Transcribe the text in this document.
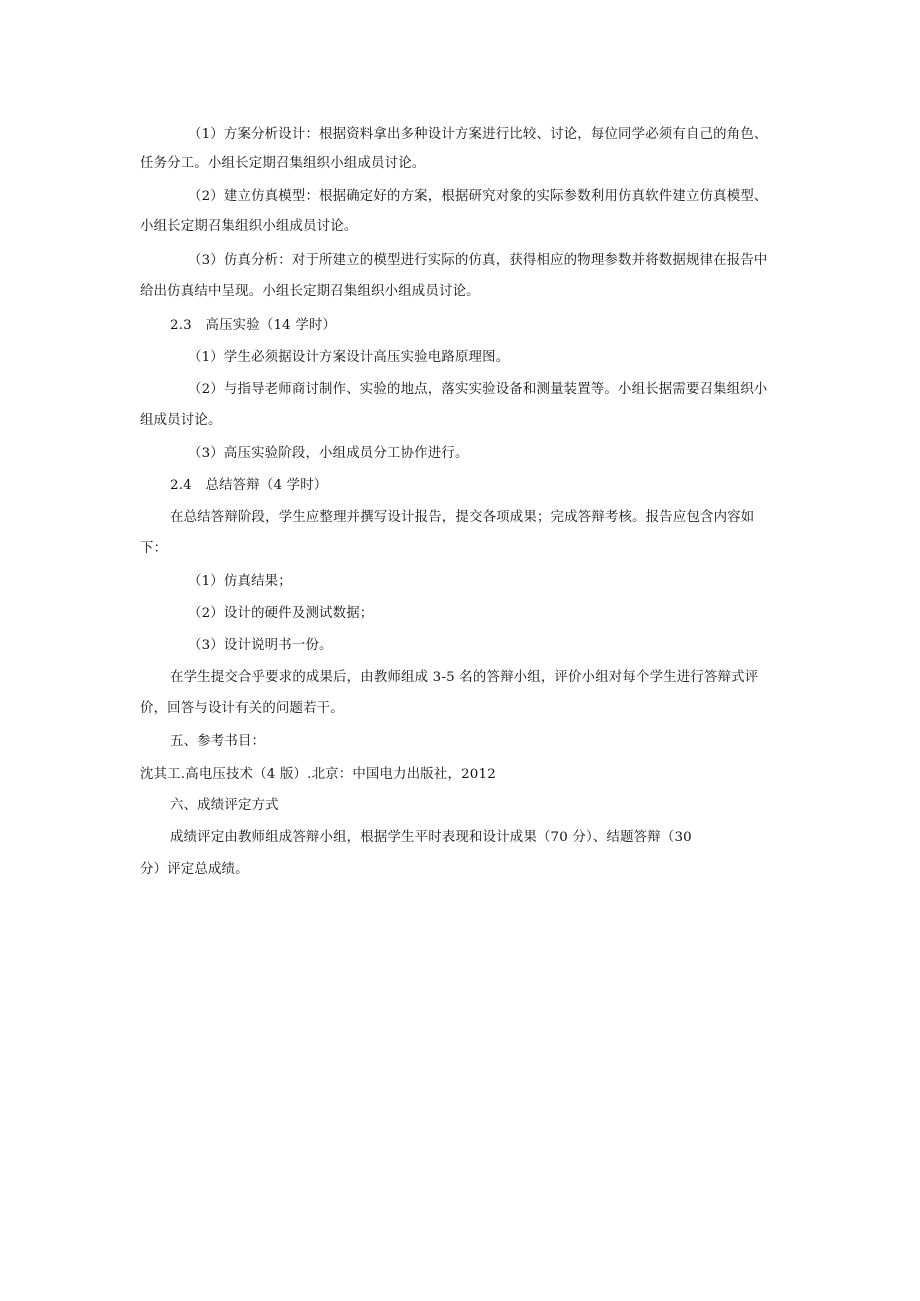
（1）方案分析设计：根据资料拿出多种设计方案进行比较、讨论，每位同学必须有自己的角色、
任务分工。小组长定期召集组织小组成员讨论。
（2）建立仿真模型：根据确定好的方案，根据研究对象的实际参数利用仿真软件建立仿真模型、
小组长定期召集组织小组成员讨论。
（3）仿真分析：对于所建立的模型进行实际的仿真，获得相应的物理参数并将数据规律在报告中
给出仿真结中呈现。小组长定期召集组织小组成员讨论。
2.3　高压实验（14 学时）
（1）学生必须据设计方案设计高压实验电路原理图。
（2）与指导老师商讨制作、实验的地点，落实实验设备和测量装置等。小组长据需要召集组织小
组成员讨论。
（3）高压实验阶段，小组成员分工协作进行。
2.4　总结答辩（4 学时）
在总结答辩阶段，学生应整理并撰写设计报告，提交各项成果；完成答辩考核。报告应包含内容如
下：
（1）仿真结果；
（2）设计的硬件及测试数据；
（3）设计说明书一份。
在学生提交合乎要求的成果后，由教师组成 3-5 名的答辩小组，评价小组对每个学生进行答辩式评
价，回答与设计有关的问题若干。
五、参考书目：
沈其工.高电压技术（4 版）.北京：中国电力出版社，2012
六、成绩评定方式
成绩评定由教师组成答辩小组，根据学生平时表现和设计成果（70 分）、结题答辩（30
分）评定总成绩。
